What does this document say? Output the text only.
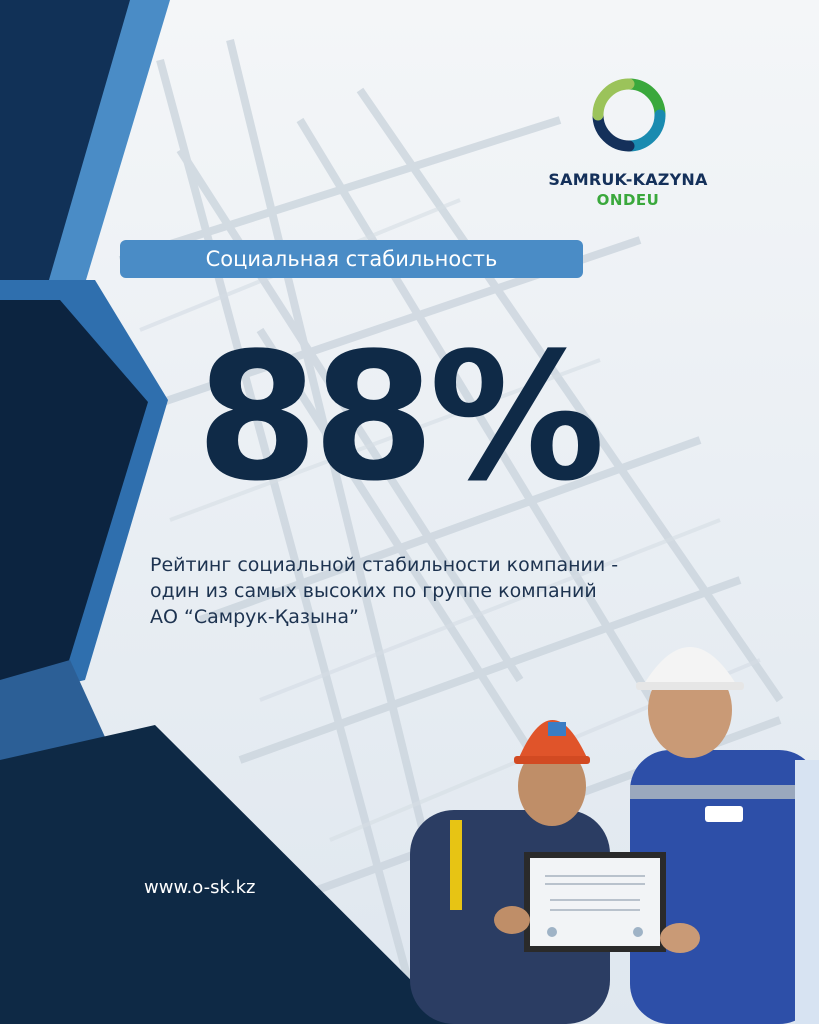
SAMRUK-KAZYNA
ONDEU
Социальная стабильность
88%
Рейтинг социальной стабильности компании -
один из самых высоких по группе компаний
АО “Самрук-Қазына”
www.o-sk.kz
